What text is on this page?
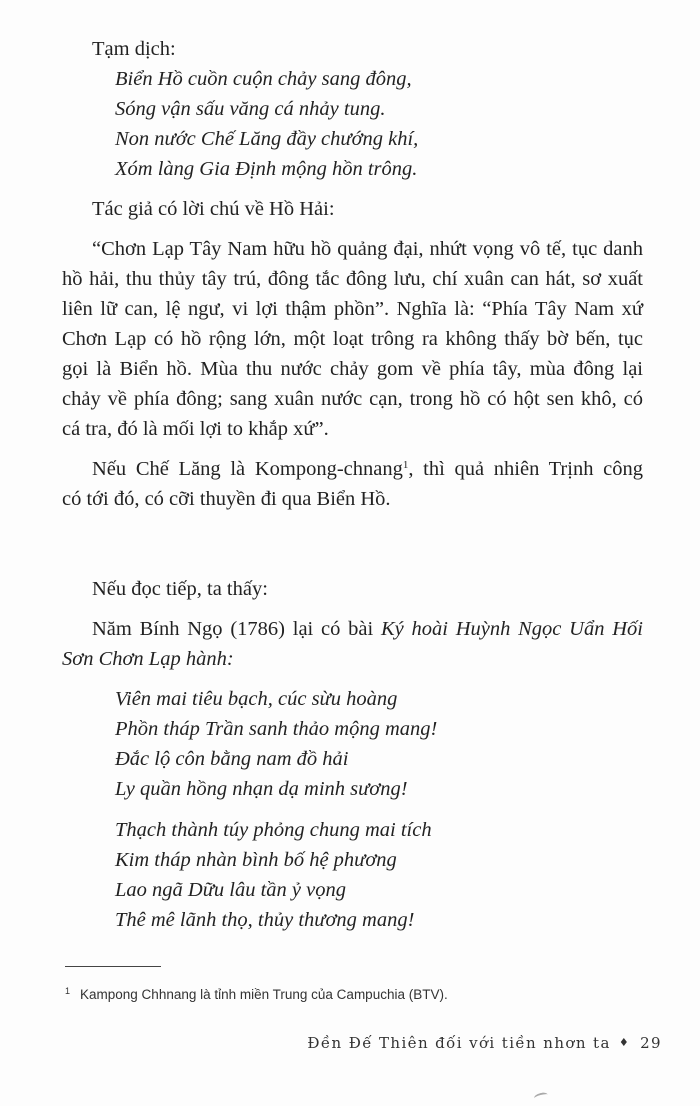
Tạm dịch:
Biển Hồ cuồn cuộn chảy sang đông,
Sóng vận sấu văng cá nhảy tung.
Non nước Chế Lăng đầy chướng khí,
Xóm làng Gia Định mộng hồn trông.
Tác giả có lời chú về Hồ Hải:
“Chơn Lạp Tây Nam hữu hồ quảng đại, nhứt vọng vô tế, tục danh
hồ hải, thu thủy tây trú, đông tắc đông lưu, chí xuân can hát, sơ xuất
liên lữ can, lệ ngư, vi lợi thậm phồn”. Nghĩa là: “Phía Tây Nam xứ
Chơn Lạp có hồ rộng lớn, một loạt trông ra không thấy bờ bến, tục
gọi là Biển hồ. Mùa thu nước chảy gom về phía tây, mùa đông lại
chảy về phía đông; sang xuân nước cạn, trong hồ có hột sen khô, có
cá tra, đó là mối lợi to khắp xứ”.
Nếu Chế Lăng là Kompong-chnang$^1$, thì quả nhiên Trịnh công
có tới đó, có cỡi thuyền đi qua Biển Hồ.
Nếu đọc tiếp, ta thấy:
Năm Bính Ngọ (1786) lại có bài Ký hoài Huỳnh Ngọc Uẩn Hối
Sơn Chơn Lạp hành:
Viên mai tiêu bạch, cúc sừu hoàng
Phồn tháp Trần sanh thảo mộng mang!
Đắc lộ côn bằng nam đồ hải
Ly quần hồng nhạn dạ minh sương!
Thạch thành túy phỏng chung mai tích
Kim tháp nhàn bình bố hệ phương
Lao ngã Dữu lâu tần ỷ vọng
Thê mê lãnh thọ, thủy thương mang!
$^1$ Kampong Chhnang là tỉnh miền Trung của Campuchia (BTV).
Đền Đế Thiên đối với tiền nhơn ta ♦ 29
